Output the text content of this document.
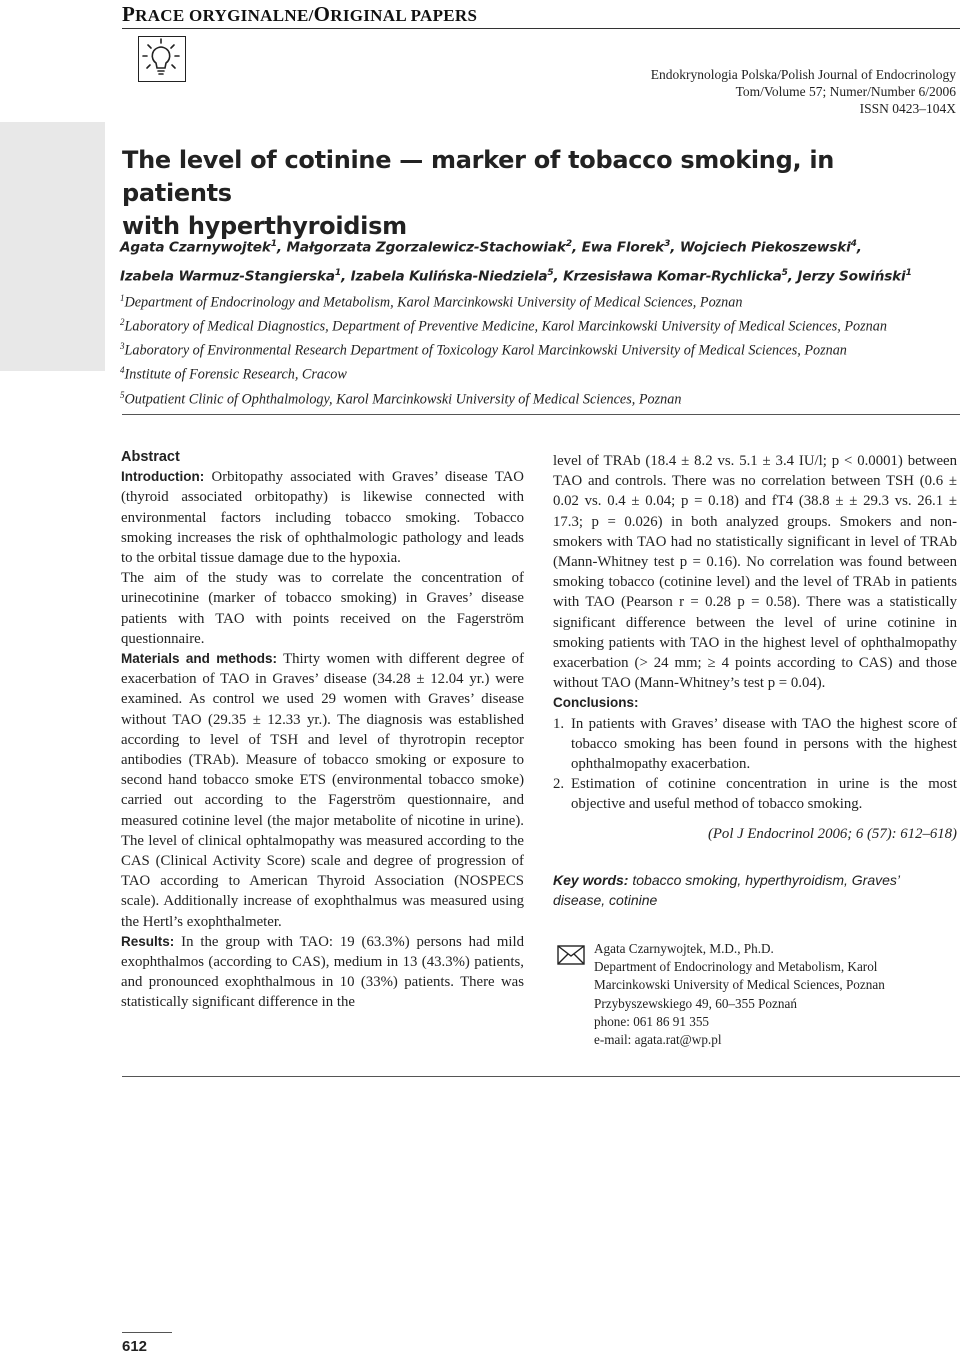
PRACE ORYGINALNE/ORIGINAL PAPERS
Endokrynologia Polska/Polish Journal of Endocrinology
Tom/Volume 57; Numer/Number 6/2006
ISSN 0423–104X
The level of cotinine — marker of tobacco smoking, in patients
with hyperthyroidism
Agata Czarnywojtek$^1$, Małgorzata Zgorzalewicz-Stachowiak$^2$, Ewa Florek$^3$, Wojciech Piekoszewski$^4$,
Izabela Warmuz-Stangierska$^1$, Izabela Kulińska-Niedziela$^5$, Krzesisława Komar-Rychlicka$^5$, Jerzy Sowiński$^1$
$^1$Department of Endocrinology and Metabolism, Karol Marcinkowski University of Medical Sciences, Poznan
$^2$Laboratory of Medical Diagnostics, Department of Preventive Medicine, Karol Marcinkowski University of Medical Sciences, Poznan
$^3$Laboratory of Environmental Research Department of Toxicology Karol Marcinkowski University of Medical Sciences, Poznan
$^4$Institute of Forensic Research, Cracow
$^5$Outpatient Clinic of Ophthalmology, Karol Marcinkowski University of Medical Sciences, Poznan

Abstract

Introduction: Orbitopathy associated with Graves’ disease TAO (thyroid associated orbitopathy) is likewise connected with environmental factors including tobacco smoking. Tobacco smoking increases the risk of ophthalmologic pathology and leads to the orbital tissue damage due to the hypoxia.

The aim of the study was to correlate the concentration of urinecotinine (marker of tobacco smoking) in Graves’ disease patients with TAO with points received on the Fagerström questionnaire.

Materials and methods: Thirty women with different degree of exacerbation of TAO in Graves’ disease (34.28 ± 12.04 yr.) were examined. As control we used 29 women with Graves’ disease without TAO (29.35 ± 12.33 yr.). The diagnosis was established according to level of TSH and level of thyrotropin receptor antibodies (TRAb). Measure of tobacco smoking or exposure to second hand tobacco smoke ETS (environmental tobacco smoke) carried out according to the Fagerström questionnaire, and measured cotinine level (the major metabolite of nicotine in urine). The level of clinical ophtalmopathy was measured according to the CAS (Clinical Activity Score) scale and degree of progression of TAO according to American Thyroid Association (NOSPECS scale). Additionally increase of exophthalmus was measured using the Hertl’s exophthalmeter.

Results: In the group with TAO: 19 (63.3%) persons had mild exophthalmos (according to CAS), medium in 13 (43.3%) patients, and pronounced exophthalmous in 10 (33%) patients. There was statistically significant difference in the

level of TRAb (18.4 ± 8.2 vs. 5.1 ± 3.4 IU/l; p < 0.0001) between TAO and controls. There was no correlation between TSH (0.6 ± 0.02 vs. 0.4 ± 0.04; p = 0.18) and fT4 (38.8 ± ± 29.3 vs. 26.1 ± 17.3; p = 0.026) in both analyzed groups. Smokers and non-smokers with TAO had no statistically significant in level of TRAb (Mann-Whitney test p = 0.16). No correlation was found between smoking tobacco (cotinine level) and the level of TRAb in patients with TAO (Pearson r = 0.28 p = 0.58). There was a statistically significant difference between the level of urine cotinine in smoking patients with TAO in the highest level of ophthalmopathy exacerbation (> 24 mm; ≥ 4 points according to CAS) and those without TAO (Mann-Whitney’s test p = 0.04).

Conclusions:

1. In patients with Graves’ disease with TAO the highest score of tobacco smoking has been found in persons with the highest ophthalmopathy exacerbation.
2. Estimation of cotinine concentration in urine is the most objective and useful method of tobacco smoking.

(Pol J Endocrinol 2006; 6 (57): 612–618)

Key words: tobacco smoking, hyperthyroidism, Graves’ disease, cotinine
Agata Czarnywojtek, M.D., Ph.D.
Department of Endocrinology and Metabolism, Karol
Marcinkowski University of Medical Sciences, Poznan
Przybyszewskiego 49, 60–355 Poznań
phone: 061 86 91 355
e-mail: agata.rat@wp.pl
612
